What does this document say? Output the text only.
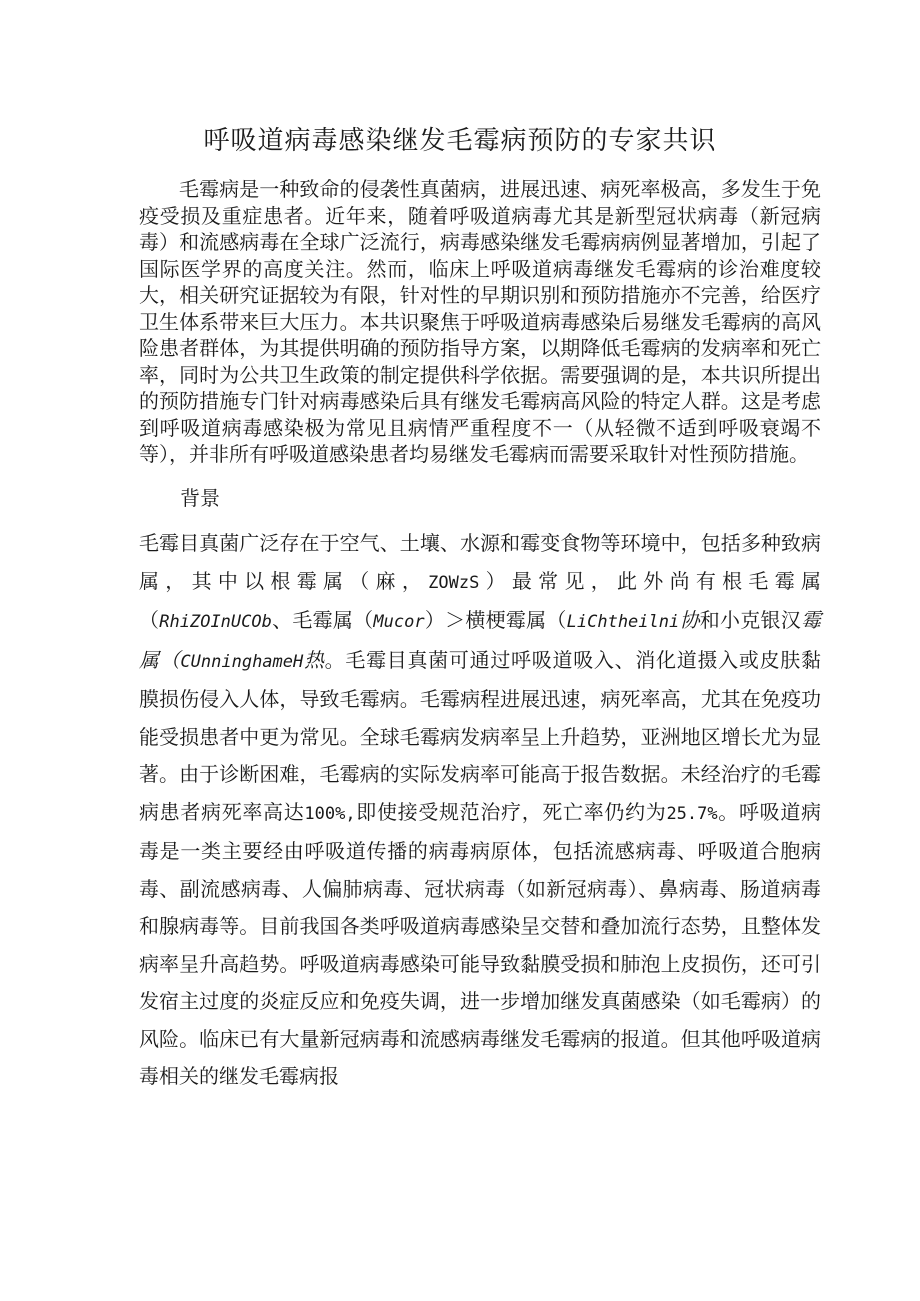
呼吸道病毒感染继发毛霉病预防的专家共识

毛霉病是一种致命的侵袭性真菌病，进展迅速、病死率极高，多发生于免疫受损及重症患者。近年来，随着呼吸道病毒尤其是新型冠状病毒（新冠病毒）和流感病毒在全球广泛流行，病毒感染继发毛霉病病例显著增加，引起了国际医学界的高度关注。然而，临床上呼吸道病毒继发毛霉病的诊治难度较大，相关研究证据较为有限，针对性的早期识别和预防措施亦不完善，给医疗卫生体系带来巨大压力。本共识聚焦于呼吸道病毒感染后易继发毛霉病的高风险患者群体，为其提供明确的预防指导方案，以期降低毛霉病的发病率和死亡率，同时为公共卫生政策的制定提供科学依据。需要强调的是，本共识所提出的预防措施专门针对病毒感染后具有继发毛霉病高风险的特定人群。这是考虑到呼吸道病毒感染极为常见且病情严重程度不一（从轻微不适到呼吸衰竭不等），并非所有呼吸道感染患者均易继发毛霉病而需要采取针对性预防措施。

背景

毛霉目真菌广泛存在于空气、土壤、水源和霉变食物等环境中，包括多种致病属，其中以根霉属（麻，ZOWzS）最常见，此外尚有根毛霉属（RhiZOInUCOb、毛霉属（Mucor）＞横梗霉属（LiChtheilni协和小克银汉霉属（CUnninghameH热。毛霉目真菌可通过呼吸道吸入、消化道摄入或皮肤黏膜损伤侵入人体，导致毛霉病。毛霉病程进展迅速，病死率高，尤其在免疫功能受损患者中更为常见。全球毛霉病发病率呈上升趋势，亚洲地区增长尤为显著。由于诊断困难，毛霉病的实际发病率可能高于报告数据。未经治疗的毛霉病患者病死率高达100%,即使接受规范治疗，死亡率仍约为25.7%。呼吸道病毒是一类主要经由呼吸道传播的病毒病原体，包括流感病毒、呼吸道合胞病毒、副流感病毒、人偏肺病毒、冠状病毒（如新冠病毒）、鼻病毒、肠道病毒和腺病毒等。目前我国各类呼吸道病毒感染呈交替和叠加流行态势，且整体发病率呈升高趋势。呼吸道病毒感染可能导致黏膜受损和肺泡上皮损伤，还可引发宿主过度的炎症反应和免疫失调，进一步增加继发真菌感染（如毛霉病）的风险。临床已有大量新冠病毒和流感病毒继发毛霉病的报道。但其他呼吸道病毒相关的继发毛霉病报
